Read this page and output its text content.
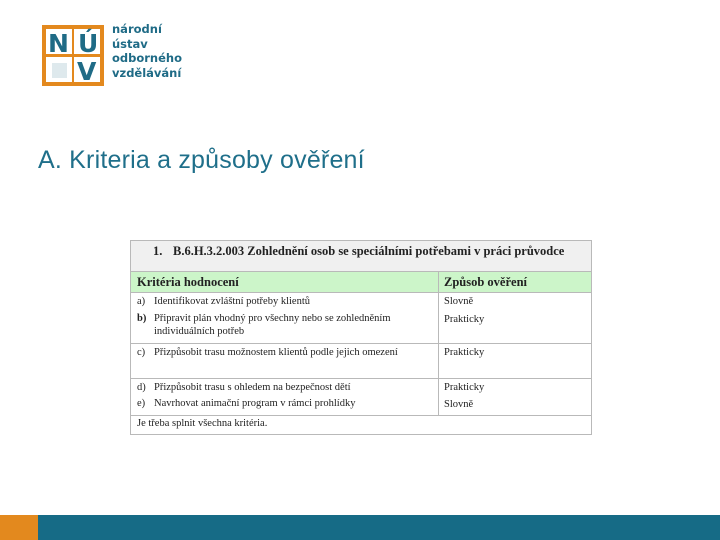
N Ú
V
národní
ústav
odborného
vzdělávání
A. Kriteria a způsoby ověření
1. B.6.H.3.2.003 Zohlednění osob se speciálními potřebami v práci průvodce
Kritéria hodnocení	Způsob ověření
a) Identifikovat zvláštní potřeby klientů
b) Připravit plán vhodný pro všechny nebo se zohledněním individuálních potřeb
Slovně
Prakticky
c) Přizpůsobit trasu možnostem klientů podle jejich omezení	Prakticky
d) Přizpůsobit trasu s ohledem na bezpečnost dětí
e) Navrhovat animační program v rámci prohlídky
Prakticky
Slovně
Je třeba splnit všechna kritéria.
